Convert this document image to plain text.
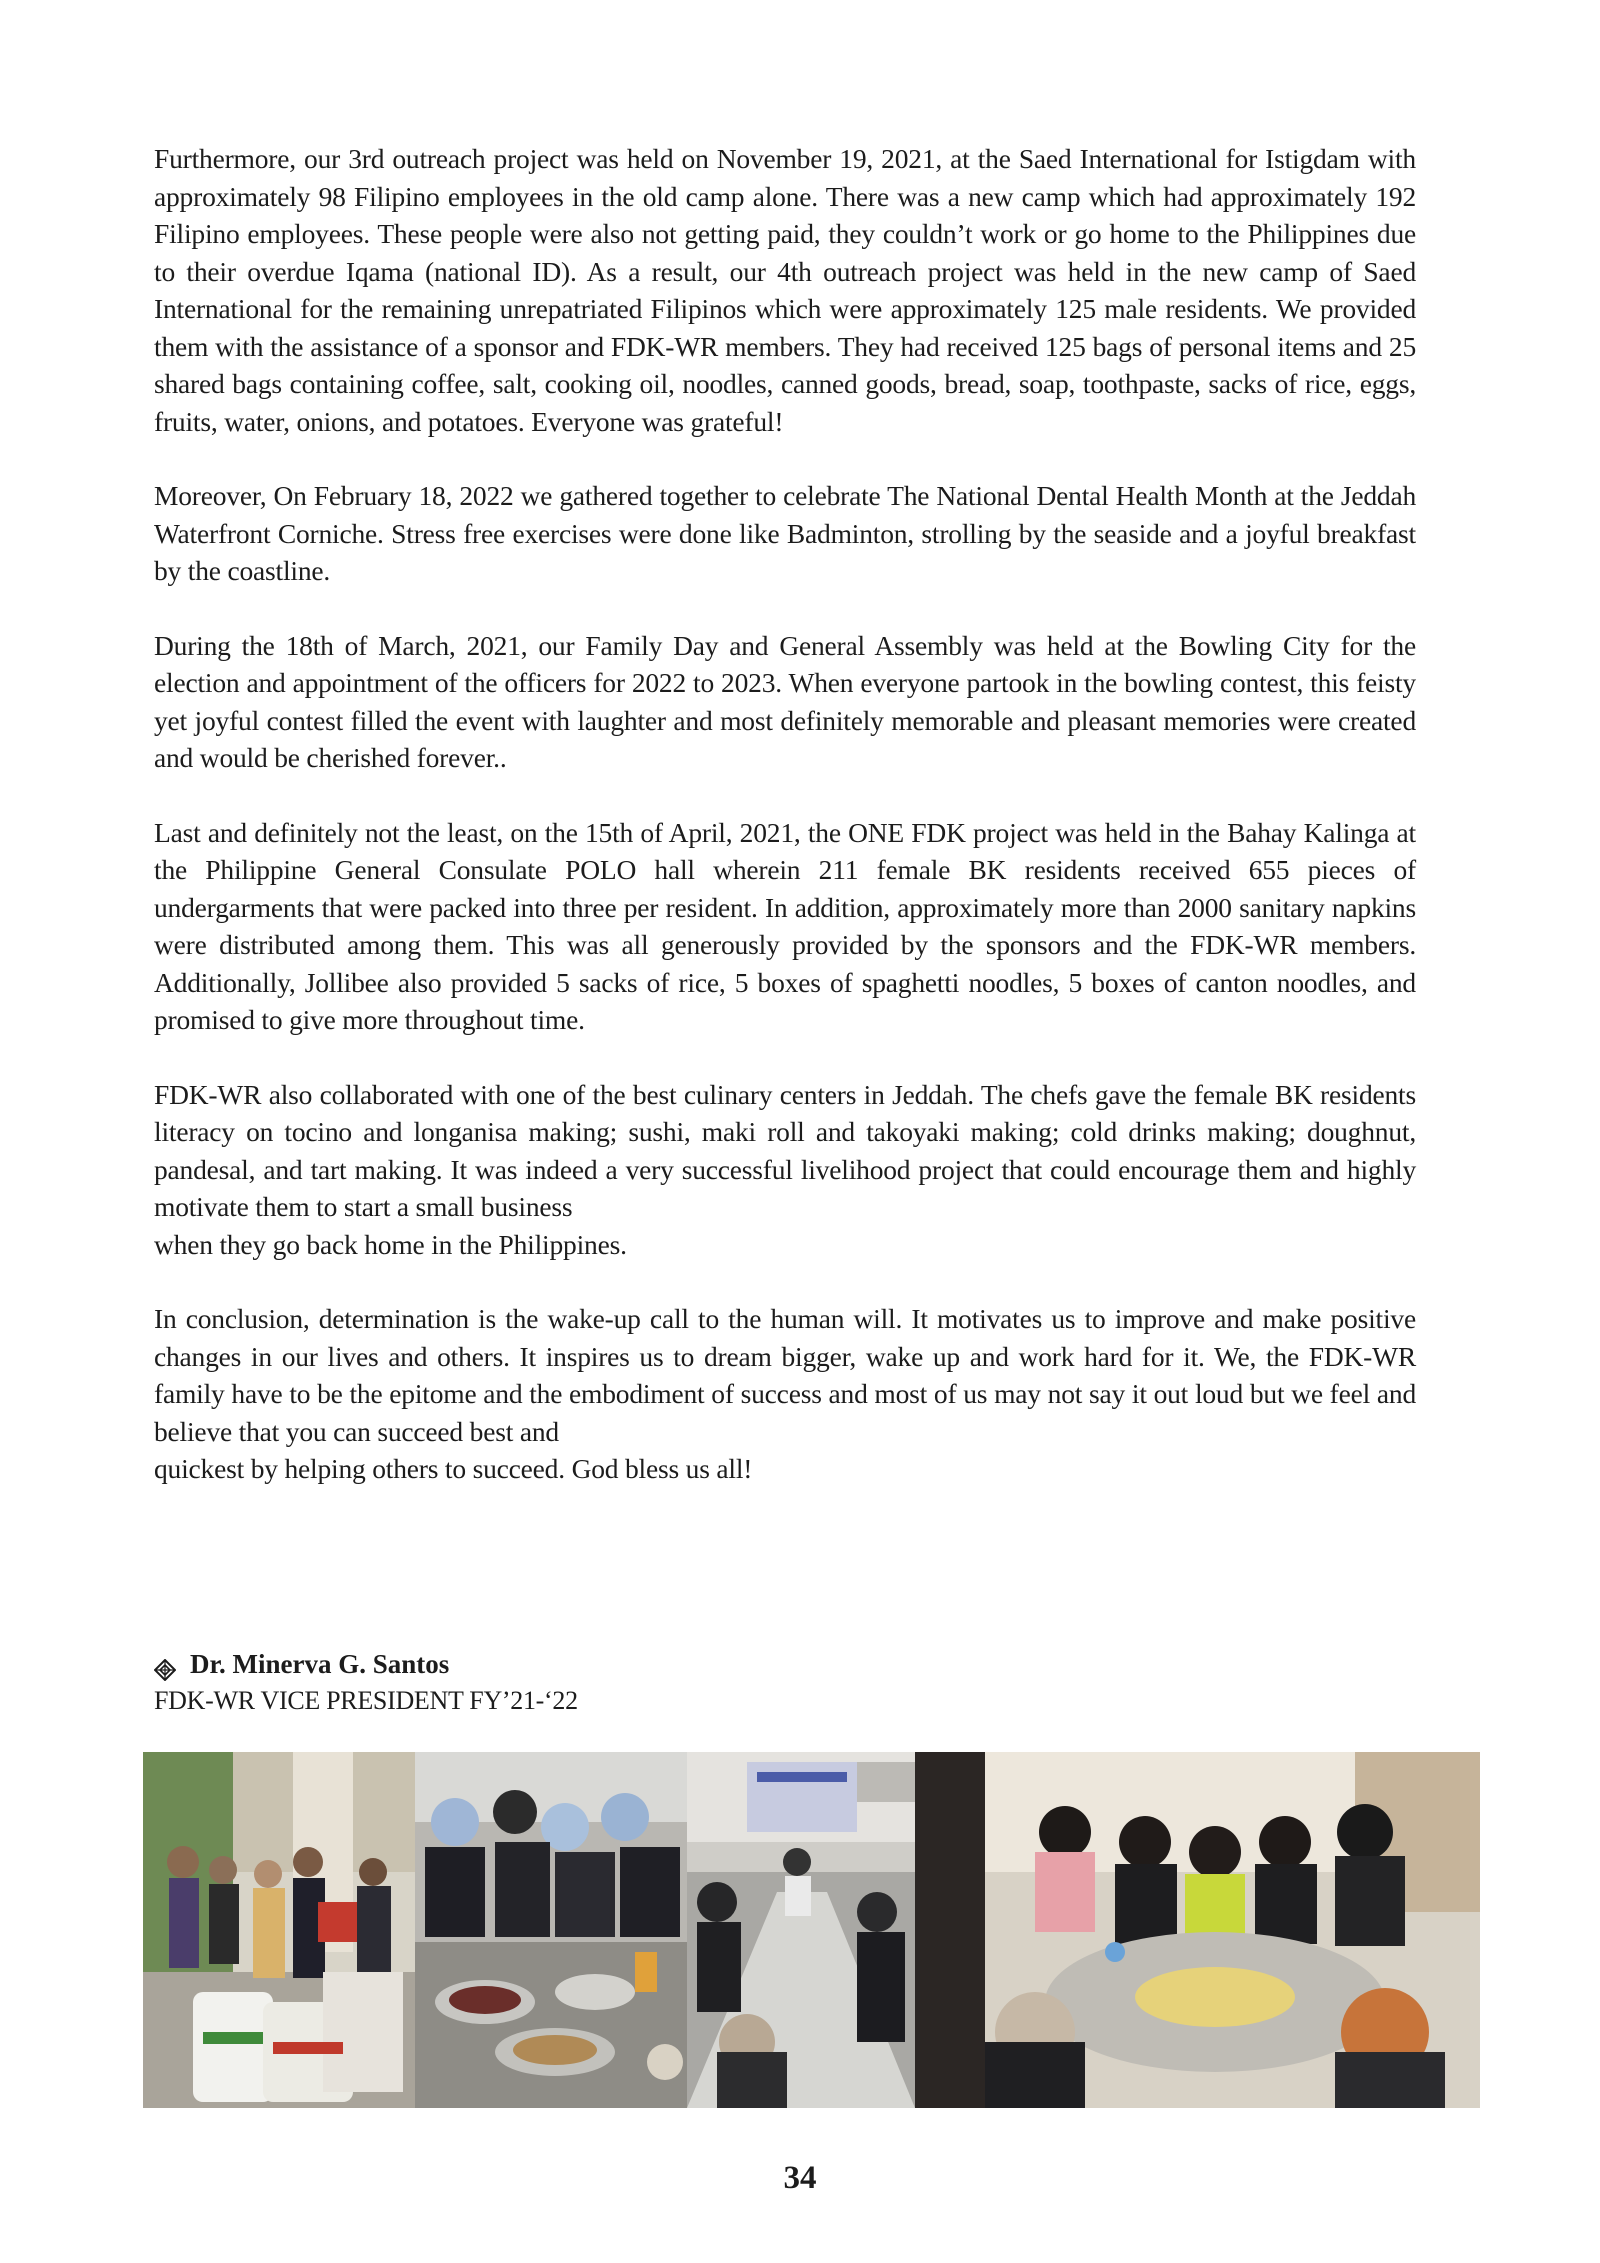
Furthermore, our 3rd outreach project was held on November 19, 2021, at the Saed International for Istigdam with approximately 98 Filipino employees in the old camp alone. There was a new camp which had approximately 192 Filipino employees. These people were also not getting paid, they couldn’t work or go home to the Philippines due to their overdue Iqama (national ID). As a result, our 4th outreach project was held in the new camp of Saed International for the remaining unrepatriated Filipinos which were approximately 125 male residents. We provided them with the assistance of a sponsor and FDK-WR members. They had received 125 bags of personal items and 25 shared bags containing coffee, salt, cooking oil, noodles, canned goods, bread, soap, toothpaste, sacks of rice, eggs, fruits, water, onions, and potatoes. Everyone was grateful!

Moreover, On February 18, 2022 we gathered together to celebrate The National Dental Health Month at the Jeddah Waterfront Corniche. Stress free exercises were done like Badminton, strolling by the seaside and a joyful breakfast by the coastline.

During the 18th of March, 2021, our Family Day and General Assembly was held at the Bowling City for the election and appointment of the officers for 2022 to 2023. When everyone partook in the bowling contest, this feisty yet joyful contest filled the event with laughter and most definitely memorable and pleasant memories were created and would be cherished forever..

Last and definitely not the least, on the 15th of April, 2021, the ONE FDK project was held in the Bahay Kalinga at the Philippine General Consulate POLO hall wherein 211 female BK residents received 655 pieces of undergarments that were packed into three per resident. In addition, approximately more than 2000 sanitary napkins were distributed among them. This was all generously provided by the sponsors and the FDK-WR members. Additionally, Jollibee also provided 5 sacks of rice, 5 boxes of spaghetti noodles, 5 boxes of canton noodles, and promised to give more throughout time.

FDK-WR also collaborated with one of the best culinary centers in Jeddah. The chefs gave the female BK residents literacy on tocino and longanisa making; sushi, maki roll and takoyaki making; cold drinks making; doughnut, pandesal, and tart making. It was indeed a very successful livelihood project that could encourage them and highly motivate them to start a small business
when they go back home in the Philippines.

In conclusion, determination is the wake-up call to the human will. It motivates us to improve and make positive changes in our lives and others. It inspires us to dream bigger, wake up and work hard for it. We, the FDK-WR family have to be the epitome and the embodiment of success and most of us may not say it out loud but we feel and believe that you can succeed best and
quickest by helping others to succeed. God bless us all!

Dr. Minerva G. Santos
FDK-WR VICE PRESIDENT FY’21-‘22
34
